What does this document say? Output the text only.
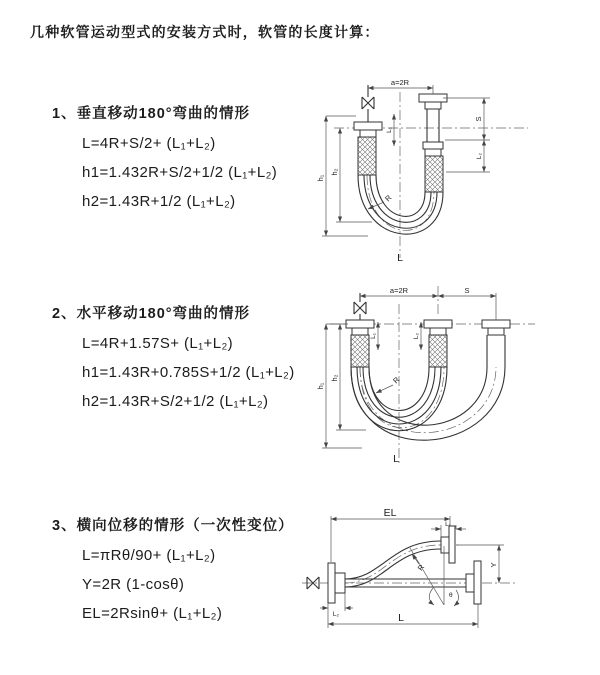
几种软管运动型式的安装方式时，软管的长度计算：
1、垂直移动180°弯曲的情形
L=4R+S/2+ (L₁+L₂)
h1=1.432R+S/2+1/2 (L₁+L₂)
h2=1.43R+1/2 (L₁+L₂)
2、水平移动180°弯曲的情形
L=4R+1.57S+ (L₁+L₂)
h1=1.43R+0.785S+1/2 (L₁+L₂)
h2=1.43R+S/2+1/2 (L₁+L₂)
3、横向位移的情形（一次性变位）
L=πRθ/90+ (L₁+L₂)
Y=2R (1-cosθ)
EL=2Rsinθ+ (L₁+L₂)
a=2R
L₁
S
L₂
h₁
h₂
R
L
a=2R	S
L₁	L₂
h₁
h₂	R
L
EL
L₁
Y
R
θ
L₂	L
